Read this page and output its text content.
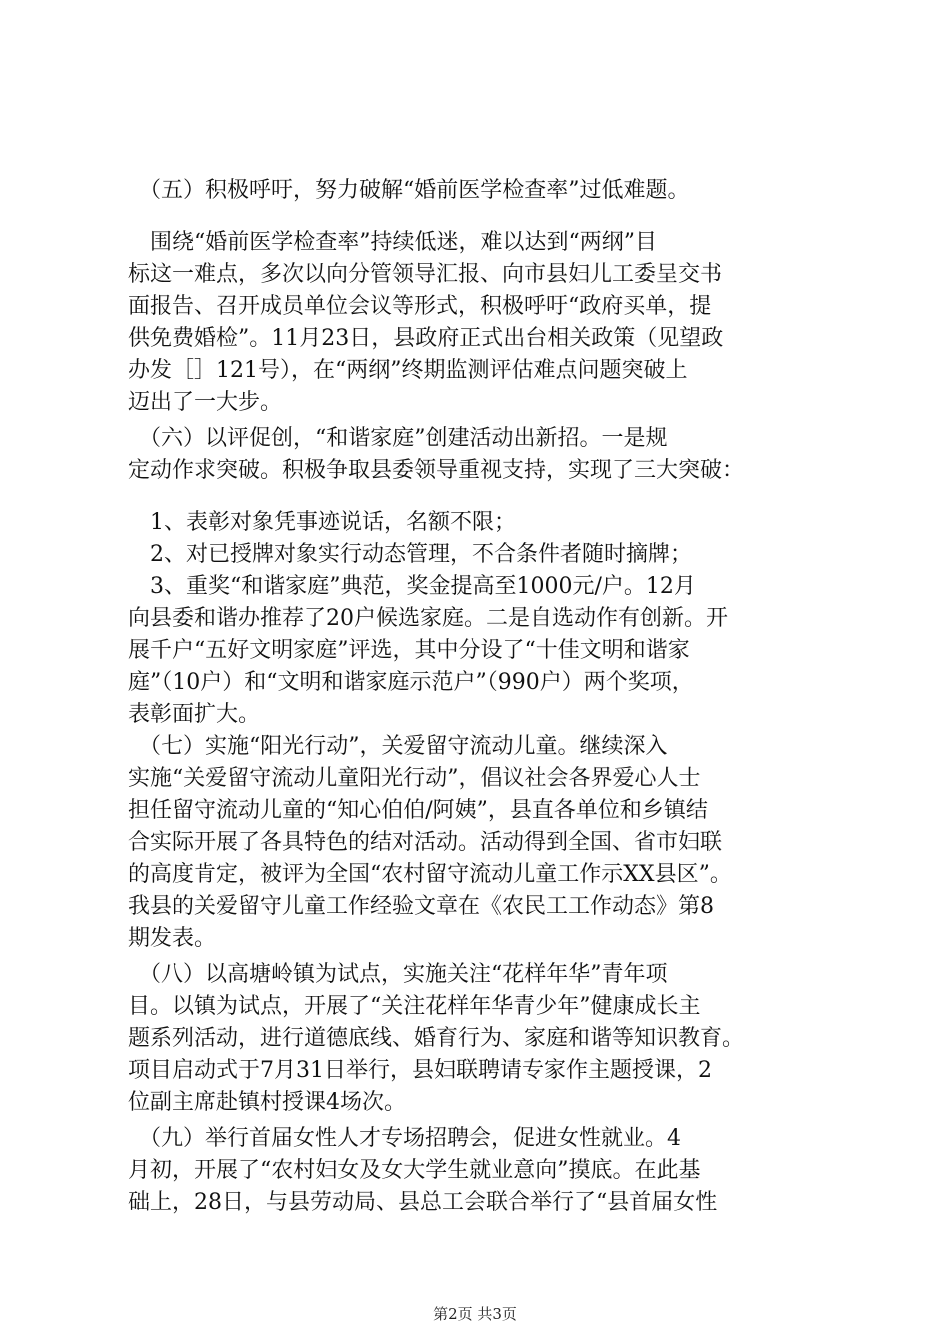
　（五）积极呼吁，努力破解“婚前医学检查率”过低难题。
　围绕“婚前医学检查率”持续低迷，难以达到“两纲”目
标这一难点，多次以向分管领导汇报、向市县妇儿工委呈交书
面报告、召开成员单位会议等形式，积极呼吁“政府买单，提
供免费婚检”。11月23日，县政府正式出台相关政策（见望政
办发［］121号），在“两纲”终期监测评估难点问题突破上
迈出了一大步。
　（六）以评促创，“和谐家庭”创建活动出新招。一是规
定动作求突破。积极争取县委领导重视支持，实现了三大突破：
　1、表彰对象凭事迹说话，名额不限；
　2、对已授牌对象实行动态管理，不合条件者随时摘牌；
　3、重奖“和谐家庭”典范，奖金提高至1000元/户。12月
向县委和谐办推荐了20户候选家庭。二是自选动作有创新。开
展千户“五好文明家庭”评选，其中分设了“十佳文明和谐家
庭”（10户）和“文明和谐家庭示范户”（990户）两个奖项，
表彰面扩大。
　（七）实施“阳光行动”，关爱留守流动儿童。继续深入
实施“关爱留守流动儿童阳光行动”，倡议社会各界爱心人士
担任留守流动儿童的“知心伯伯/阿姨”，县直各单位和乡镇结
合实际开展了各具特色的结对活动。活动得到全国、省市妇联
的高度肯定，被评为全国“农村留守流动儿童工作示XX县区”。
我县的关爱留守儿童工作经验文章在《农民工工作动态》第8
期发表。
　（八）以高塘岭镇为试点，实施关注“花样年华”青年项
目。以镇为试点，开展了“关注花样年华青少年”健康成长主
题系列活动，进行道德底线、婚育行为、家庭和谐等知识教育。
项目启动式于7月31日举行，县妇联聘请专家作主题授课，2
位副主席赴镇村授课4场次。
　（九）举行首届女性人才专场招聘会，促进女性就业。4
月初，开展了“农村妇女及女大学生就业意向”摸底。在此基
础上，28日，与县劳动局、县总工会联合举行了“县首届女性
第2页 共3页
